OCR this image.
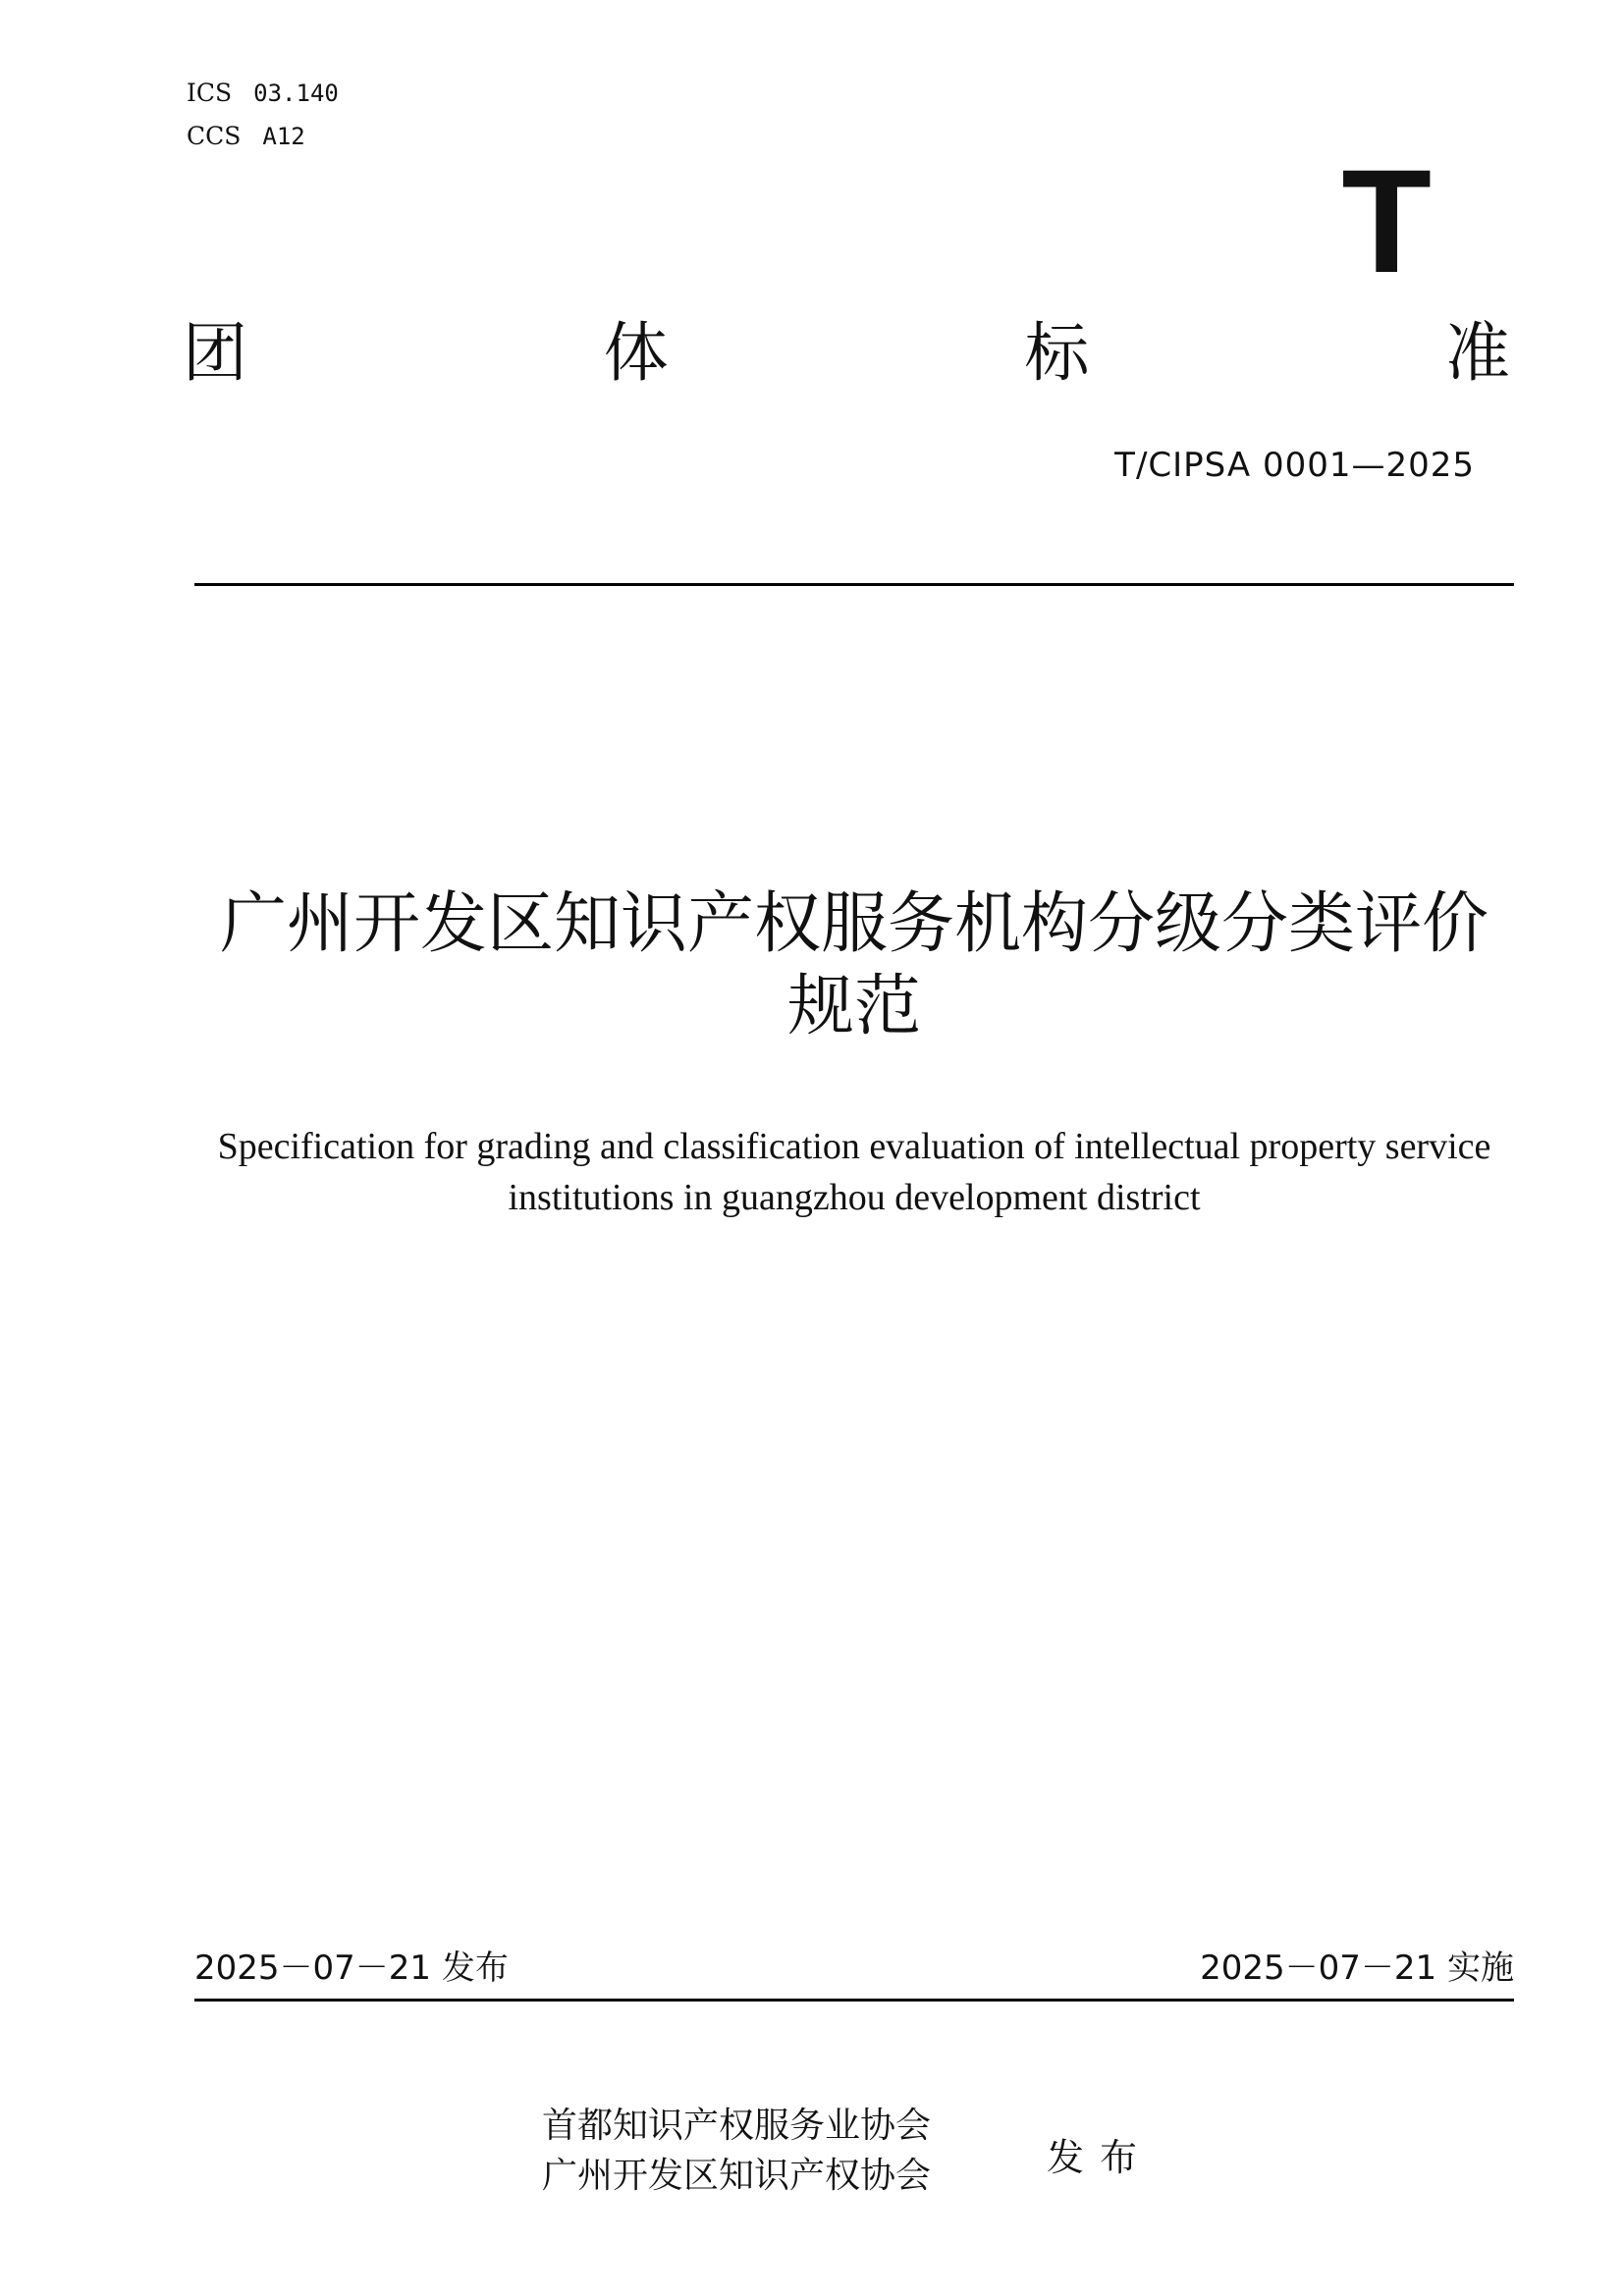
ICS 03.140
CCS A12
T
团	体	标	准
T/CIPSA 0001—2025
广州开发区知识产权服务机构分级分类评价规范

Specification for grading and classification evaluation of intellectual property service institutions in guangzhou development district

2025－07－21 发布	2025－07－21 实施
首都知识产权服务业协会
广州开发区知识产权协会	发布
